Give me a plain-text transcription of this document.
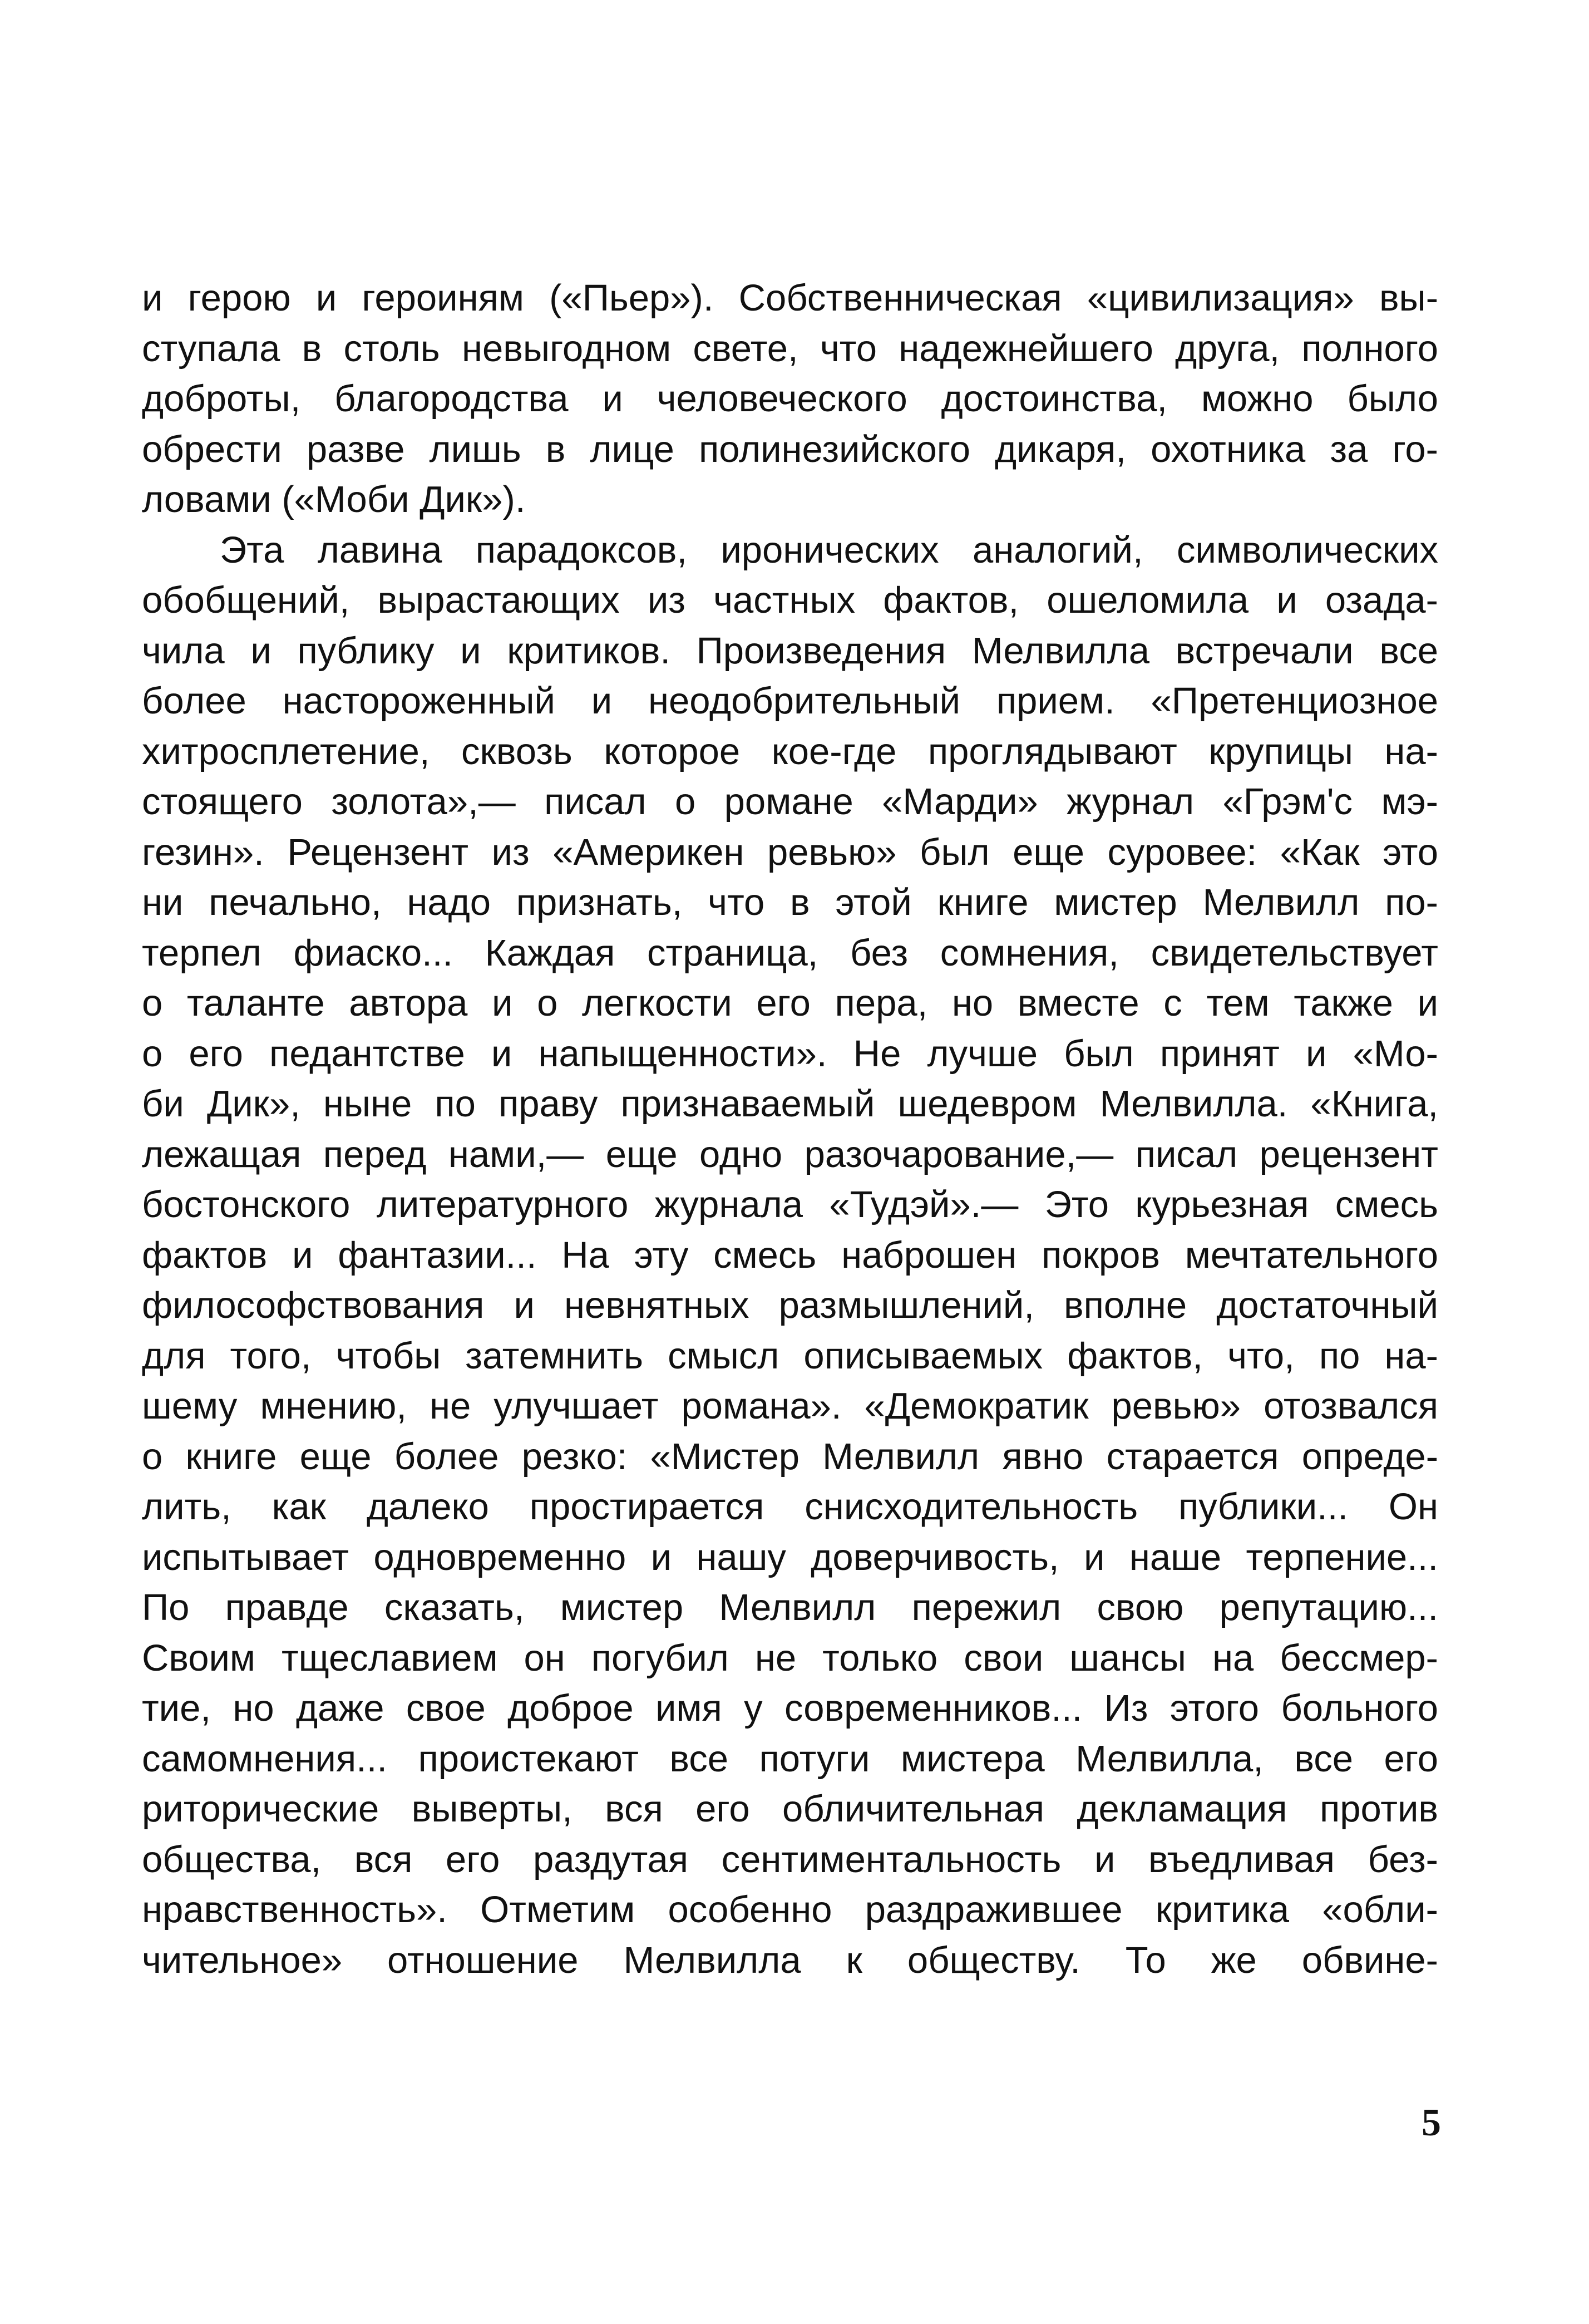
и герою и героиням («Пьер»). Собственническая «цивилизация» вы-
ступала в столь невыгодном свете, что надежнейшего друга, полного
доброты, благородства и человеческого достоинства, можно было
обрести разве лишь в лице полинезийского дикаря, охотника за го-
ловами («Моби Дик»).
Эта лавина парадоксов, иронических аналогий, символических
обобщений, вырастающих из частных фактов, ошеломила и озада-
чила и публику и критиков. Произведения Мелвилла встречали все
более настороженный и неодобрительный прием. «Претенциозное
хитросплетение, сквозь которое кое-где проглядывают крупицы на-
стоящего золота»,— писал о романе «Марди» журнал «Грэм'с мэ-
гезин». Рецензент из «Америкен ревью» был еще суровее: «Как это
ни печально, надо признать, что в этой книге мистер Мелвилл по-
терпел фиаско... Каждая страница, без сомнения, свидетельствует
о таланте автора и о легкости его пера, но вместе с тем также и
о его педантстве и напыщенности». Не лучше был принят и «Мо-
би Дик», ныне по праву признаваемый шедевром Мелвилла. «Книга,
лежащая перед нами,— еще одно разочарование,— писал рецензент
бостонского литературного журнала «Тудэй».— Это курьезная смесь
фактов и фантазии... На эту смесь наброшен покров мечтательного
философствования и невнятных размышлений, вполне достаточный
для того, чтобы затемнить смысл описываемых фактов, что, по на-
шему мнению, не улучшает романа». «Демократик ревью» отозвался
о книге еще более резко: «Мистер Мелвилл явно старается опреде-
лить, как далеко простирается снисходительность публики... Он
испытывает одновременно и нашу доверчивость, и наше терпение...
По правде сказать, мистер Мелвилл пережил свою репутацию...
Своим тщеславием он погубил не только свои шансы на бессмер-
тие, но даже свое доброе имя у современников... Из этого больного
самомнения... проистекают все потуги мистера Мелвилла, все его
риторические выверты, вся его обличительная декламация против
общества, вся его раздутая сентиментальность и въедливая без-
нравственность». Отметим особенно раздражившее критика «обли-
чительное» отношение Мелвилла к обществу. То же обвине-
5
